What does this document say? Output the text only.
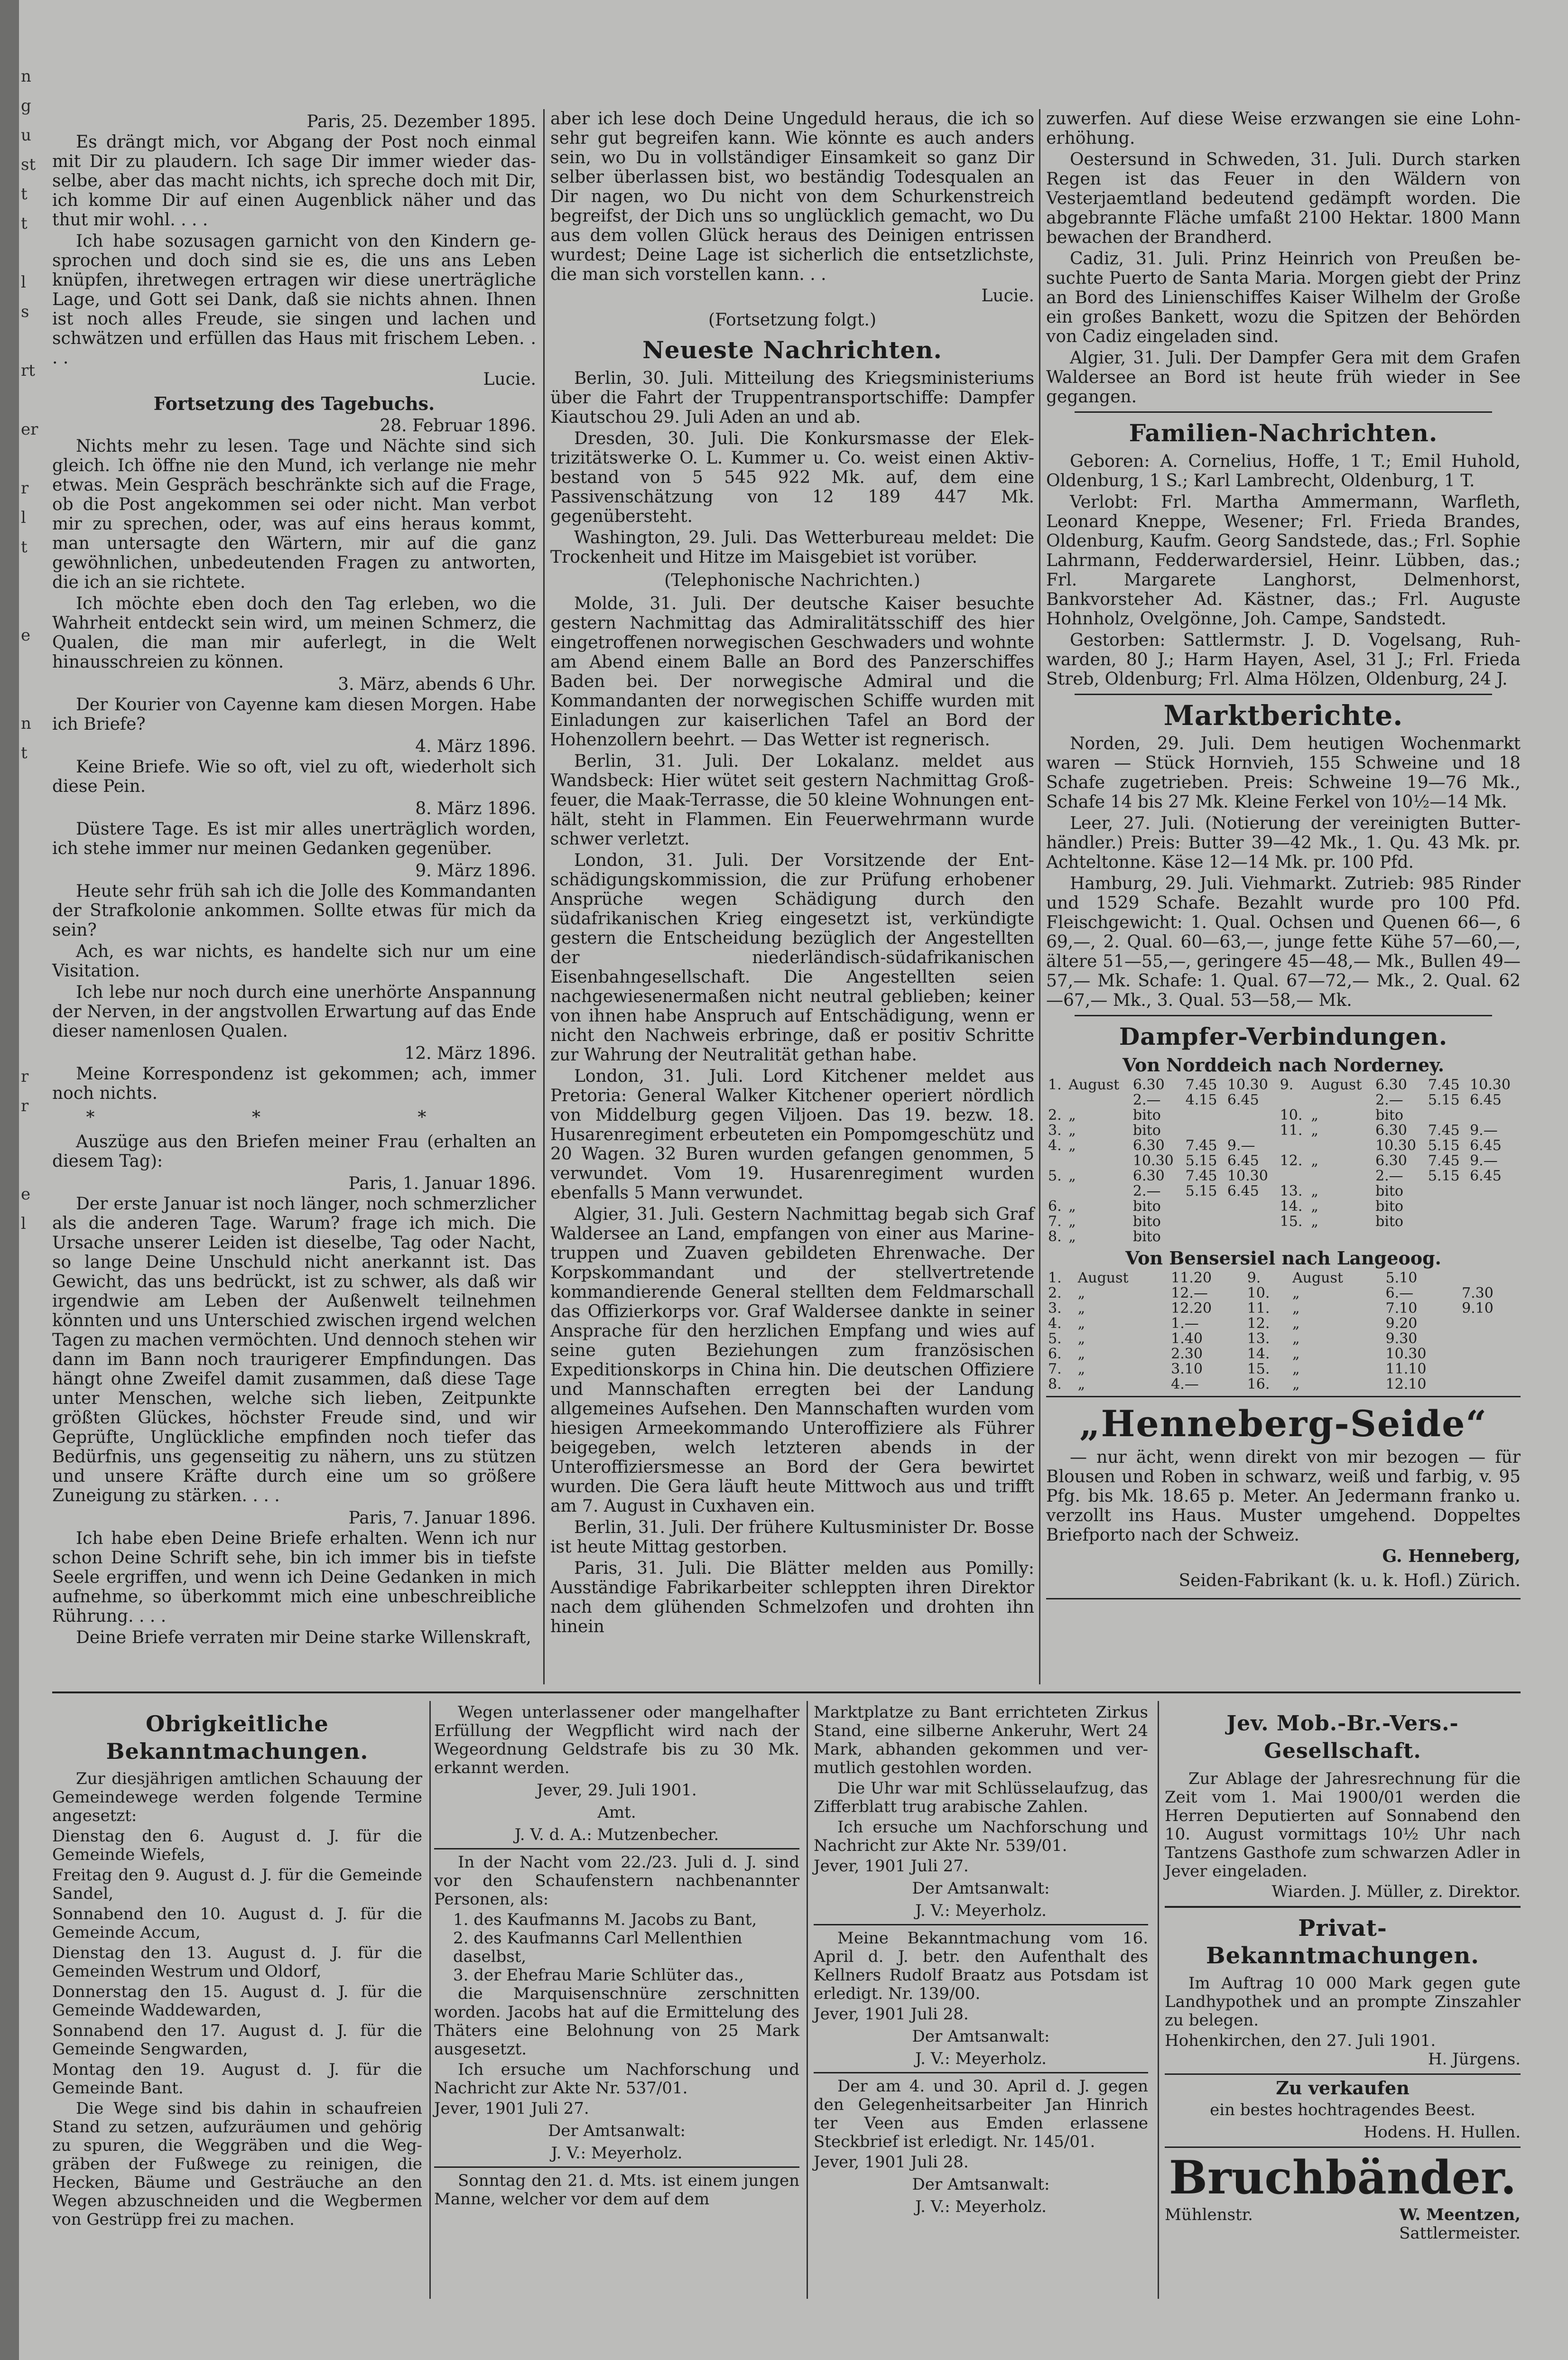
n
g
u
st
t
t

l
s

rt

er

r
l
t

e

n
t

r
r

e
l
Paris, 25. Dezember 1895.

Es drängt mich, vor Abgang der Post noch einmal mit Dir zu plaudern. Ich sage Dir immer wieder dasselbe, aber das macht nichts, ich spreche doch mit Dir, ich komme Dir auf einen Augenblick näher und das thut mir wohl. . . .

Ich habe sozusagen garnicht von den Kindern gesprochen und doch sind sie es, die uns ans Leben knüpfen, ihretwegen ertragen wir diese unerträgliche Lage, und Gott sei Dank, daß sie nichts ahnen. Ihnen ist noch alles Freude, sie singen und lachen und schwätzen und erfüllen das Haus mit frischem Leben. . . .

Lucie.
Fortsetzung des Tagebuchs.
28. Februar 1896.

Nichts mehr zu lesen. Tage und Nächte sind sich gleich. Ich öffne nie den Mund, ich verlange nie mehr etwas. Mein Gespräch beschränkte sich auf die Frage, ob die Post angekommen sei oder nicht. Man verbot mir zu sprechen, oder, was auf eins heraus kommt, man untersagte den Wärtern, mir auf die ganz gewöhnlichen, unbedeutenden Fragen zu antworten, die ich an sie richtete.

Ich möchte eben doch den Tag erleben, wo die Wahrheit entdeckt sein wird, um meinen Schmerz, die Qualen, die man mir auferlegt, in die Welt hinausschreien zu können.

3. März, abends 6 Uhr.

Der Kourier von Cayenne kam diesen Morgen. Habe ich Briefe?

4. März 1896.

Keine Briefe. Wie so oft, viel zu oft, wiederholt sich diese Pein.

8. März 1896.

Düstere Tage. Es ist mir alles unerträglich worden, ich stehe immer nur meinen Gedanken gegenüber.

9. März 1896.

Heute sehr früh sah ich die Jolle des Kommandanten der Strafkolonie ankommen. Sollte etwas für mich da sein?

Ach, es war nichts, es handelte sich nur um eine Visitation.

Ich lebe nur noch durch eine unerhörte Anspannung der Nerven, in der angstvollen Erwartung auf das Ende dieser namenlosen Qualen.

12. März 1896.

Meine Korrespondenz ist gekommen; ach, immer noch nichts.

* * *

Auszüge aus den Briefen meiner Frau (erhalten an diesem Tag):

Paris, 1. Januar 1896.

Der erste Januar ist noch länger, noch schmerzlicher als die anderen Tage. Warum? frage ich mich. Die Ursache unserer Leiden ist dieselbe, Tag oder Nacht, so lange Deine Unschuld nicht anerkannt ist. Das Gewicht, das uns bedrückt, ist zu schwer, als daß wir irgendwie am Leben der Außenwelt teilnehmen könnten und uns Unterschied zwischen irgend welchen Tagen zu machen vermöchten. Und dennoch stehen wir dann im Bann noch traurigerer Empfindungen. Das hängt ohne Zweifel damit zusammen, daß diese Tage unter Menschen, welche sich lieben, Zeitpunkte größten Glückes, höchster Freude sind, und wir Geprüfte, Unglückliche empfinden noch tiefer das Bedürfnis, uns gegenseitig zu nähern, uns zu stützen und unsere Kräfte durch eine um so größere Zuneigung zu stärken. . . .

Paris, 7. Januar 1896.

Ich habe eben Deine Briefe erhalten. Wenn ich nur schon Deine Schrift sehe, bin ich immer bis in tiefste Seele ergriffen, und wenn ich Deine Gedanken in mich aufnehme, so überkommt mich eine unbeschreibliche Rührung. . . .

Deine Briefe verraten mir Deine starke Willenskraft,

aber ich lese doch Deine Ungeduld heraus, die ich so sehr gut begreifen kann. Wie könnte es auch anders sein, wo Du in vollständiger Einsamkeit so ganz Dir selber überlassen bist, wo beständig Todesqualen an Dir nagen, wo Du nicht von dem Schurkenstreich begreifst, der Dich uns so unglücklich gemacht, wo Du aus dem vollen Glück heraus des Deinigen entrissen wurdest; Deine Lage ist sicherlich die entsetzlichste, die man sich vorstellen kann. . .

Lucie.
(Fortsetzung folgt.)
Neueste Nachrichten.

Berlin, 30. Juli. Mitteilung des Kriegsministeriums über die Fahrt der Truppentransportschiffe: Dampfer Kiautschou 29. Juli Aden an und ab.

Dresden, 30. Juli. Die Konkursmasse der Elektrizitätswerke O. L. Kummer u. Co. weist einen Aktivbestand von 5 545 922 Mk. auf, dem eine Passivenschätzung von 12 189 447 Mk. gegenübersteht.

Washington, 29. Juli. Das Wetterbureau meldet: Die Trockenheit und Hitze im Maisgebiet ist vorüber.

(Telephonische Nachrichten.)

Molde, 31. Juli. Der deutsche Kaiser besuchte gestern Nachmittag das Admiralitätsschiff des hier eingetroffenen norwegischen Geschwaders und wohnte am Abend einem Balle an Bord des Panzerschiffes Baden bei. Der norwegische Admiral und die Kommandanten der norwegischen Schiffe wurden mit Einladungen zur kaiserlichen Tafel an Bord der Hohenzollern beehrt. — Das Wetter ist regnerisch.

Berlin, 31. Juli. Der Lokalanz. meldet aus Wandsbeck: Hier wütet seit gestern Nachmittag Großfeuer, die Maak-Terrasse, die 50 kleine Wohnungen enthält, steht in Flammen. Ein Feuerwehrmann wurde schwer verletzt.

London, 31. Juli. Der Vorsitzende der Entschädigungskommission, die zur Prüfung erhobener Ansprüche wegen Schädigung durch den südafrikanischen Krieg eingesetzt ist, verkündigte gestern die Entscheidung bezüglich der Angestellten der niederländisch-südafrikanischen Eisenbahngesellschaft. Die Angestellten seien nachgewiesenermaßen nicht neutral geblieben; keiner von ihnen habe Anspruch auf Entschädigung, wenn er nicht den Nachweis erbringe, daß er positiv Schritte zur Wahrung der Neutralität gethan habe.

London, 31. Juli. Lord Kitchener meldet aus Pretoria: General Walker Kitchener operiert nördlich von Middelburg gegen Viljoen. Das 19. bezw. 18. Husarenregiment erbeuteten ein Pompomgeschütz und 20 Wagen. 32 Buren wurden gefangen genommen, 5 verwundet. Vom 19. Husarenregiment wurden ebenfalls 5 Mann verwundet.

Algier, 31. Juli. Gestern Nachmittag begab sich Graf Waldersee an Land, empfangen von einer aus Marinetruppen und Zuaven gebildeten Ehrenwache. Der Korpskommandant und der stellvertretende kommandierende General stellten dem Feldmarschall das Offizierkorps vor. Graf Waldersee dankte in seiner Ansprache für den herzlichen Empfang und wies auf seine guten Beziehungen zum französischen Expeditionskorps in China hin. Die deutschen Offiziere und Mannschaften erregten bei der Landung allgemeines Aufsehen. Den Mannschaften wurden vom hiesigen Armeekommando Unteroffiziere als Führer beigegeben, welch letzteren abends in der Unteroffiziersmesse an Bord der Gera bewirtet wurden. Die Gera läuft heute Mittwoch aus und trifft am 7. August in Cuxhaven ein.

Berlin, 31. Juli. Der frühere Kultusminister Dr. Bosse ist heute Mittag gestorben.

Paris, 31. Juli. Die Blätter melden aus Pomilly: Ausständige Fabrikarbeiter schleppten ihren Direktor nach dem glühenden Schmelzofen und drohten ihn hinein

zuwerfen. Auf diese Weise erzwangen sie eine Lohnerhöhung.

Oestersund in Schweden, 31. Juli. Durch starken Regen ist das Feuer in den Wäldern von Vesterjaemtland bedeutend gedämpft worden. Die abgebrannte Fläche umfaßt 2100 Hektar. 1800 Mann bewachen der Brandherd.

Cadiz, 31. Juli. Prinz Heinrich von Preußen besuchte Puerto de Santa Maria. Morgen giebt der Prinz an Bord des Linienschiffes Kaiser Wilhelm der Große ein großes Bankett, wozu die Spitzen der Behörden von Cadiz eingeladen sind.

Algier, 31. Juli. Der Dampfer Gera mit dem Grafen Waldersee an Bord ist heute früh wieder in See gegangen.

Familien-Nachrichten.

Geboren: A. Cornelius, Hoffe, 1 T.; Emil Huhold, Oldenburg, 1 S.; Karl Lambrecht, Oldenburg, 1 T.

Verlobt: Frl. Martha Ammermann, Warfleth, Leonard Kneppe, Wesener; Frl. Frieda Brandes, Oldenburg, Kaufm. Georg Sandstede, das.; Frl. Sophie Lahrmann, Fedderwardersiel, Heinr. Lübben, das.; Frl. Margarete Langhorst, Delmenhorst, Bankvorsteher Ad. Kästner, das.; Frl. Auguste Hohnholz, Ovelgönne, Joh. Campe, Sandstedt.

Gestorben: Sattlermstr. J. D. Vogelsang, Ruhwarden, 80 J.; Harm Hayen, Asel, 31 J.; Frl. Frieda Streb, Oldenburg; Frl. Alma Hölzen, Oldenburg, 24 J.

Marktberichte.

Norden, 29. Juli. Dem heutigen Wochenmarkt waren — Stück Hornvieh, 155 Schweine und 18 Schafe zugetrieben. Preis: Schweine 19—76 Mk., Schafe 14 bis 27 Mk. Kleine Ferkel von 10½—14 Mk.

Leer, 27. Juli. (Notierung der vereinigten Butterhändler.) Preis: Butter 39—42 Mk., 1. Qu. 43 Mk. pr. Achteltonne. Käse 12—14 Mk. pr. 100 Pfd.

Hamburg, 29. Juli. Viehmarkt. Zutrieb: 985 Rinder und 1529 Schafe. Bezahlt wurde pro 100 Pfd. Fleischgewicht: 1. Qual. Ochsen und Quenen 66—, 6 69,—, 2. Qual. 60—63,—, junge fette Kühe 57—60,—, ältere 51—55,—, geringere 45—48,— Mk., Bullen 49—57,— Mk. Schafe: 1. Qual. 67—72,— Mk., 2. Qual. 62—67,— Mk., 3. Qual. 53—58,— Mk.

Dampfer-Verbindungen.
Von Norddeich nach Norderney.
1.	August	6.30	7.45	10.30	9.	August	6.30	7.45	10.30
		2.—	4.15	6.45			2.—	5.15	6.45
2.	„	bito			10.	„	bito		
3.	„	bito			11.	„	6.30	7.45	9.—
4.	„	6.30	7.45	9.—			10.30	5.15	6.45
		10.30	5.15	6.45	12.	„	6.30	7.45	9.—
5.	„	6.30	7.45	10.30			2.—	5.15	6.45
		2.—	5.15	6.45	13.	„	bito		
6.	„	bito			14.	„	bito		
7.	„	bito			15.	„	bito		
8.	„	bito							
Von Bensersiel nach Langeoog.
1.	August	11.20	9.	August	5.10	
2.	„	12.—	10.	„	6.—	7.30
3.	„	12.20	11.	„	7.10	9.10
4.	„	1.—	12.	„	9.20	
5.	„	1.40	13.	„	9.30	
6.	„	2.30	14.	„	10.30	
7.	„	3.10	15.	„	11.10	
8.	„	4.—	16.	„	12.10	
„Henneberg-Seide“

— nur ächt, wenn direkt von mir bezogen — für Blousen und Roben in schwarz, weiß und farbig, v. 95 Pfg. bis Mk. 18.65 p. Meter. An Jedermann franko u. verzollt ins Haus. Muster umgehend. Doppeltes Briefporto nach der Schweiz.

G. Henneberg,
Seiden-Fabrikant (k. u. k. Hofl.) Zürich.
Obrigkeitliche Bekanntmachungen.

Zur diesjährigen amtlichen Schauung der Gemeindewege werden folgende Termine angesetzt:

Dienstag den 6. August d. J. für die Gemeinde Wiefels,

Freitag den 9. August d. J. für die Gemeinde Sandel,

Sonnabend den 10. August d. J. für die Gemeinde Accum,

Dienstag den 13. August d. J. für die Gemeinden Westrum und Oldorf,

Donnerstag den 15. August d. J. für die Gemeinde Waddewarden,

Sonnabend den 17. August d. J. für die Gemeinde Sengwarden,

Montag den 19. August d. J. für die Gemeinde Bant.

Die Wege sind bis dahin in schaufreien Stand zu setzen, aufzuräumen und gehörig zu spuren, die Weggräben und die Weggräben der Fußwege zu reinigen, die Hecken, Bäume und Gesträuche an den Wegen abzuschneiden und die Wegbermen von Gestrüpp frei zu machen.

Wegen unterlassener oder mangelhafter Erfüllung der Wegpflicht wird nach der Wegeordnung Geldstrafe bis zu 30 Mk. erkannt werden.

Jever, 29. Juli 1901.
Amt.
J. V. d. A.: Mutzenbecher.

In der Nacht vom 22./23. Juli d. J. sind vor den Schaufenstern nachbenannter Personen, als:

1. des Kaufmanns M. Jacobs zu Bant,
2. des Kaufmanns Carl Mellenthien daselbst,
3. der Ehefrau Marie Schlüter das.,

die Marquisenschnüre zerschnitten worden. Jacobs hat auf die Ermittelung des Thäters eine Belohnung von 25 Mark ausgesetzt.

Ich ersuche um Nachforschung und Nachricht zur Akte Nr. 537/01.

Jever, 1901 Juli 27.
Der Amtsanwalt:
J. V.: Meyerholz.

Sonntag den 21. d. Mts. ist einem jungen Manne, welcher vor dem auf dem

Marktplatze zu Bant errichteten Zirkus Stand, eine silberne Ankeruhr, Wert 24 Mark, abhanden gekommen und vermutlich gestohlen worden.

Die Uhr war mit Schlüsselaufzug, das Zifferblatt trug arabische Zahlen.

Ich ersuche um Nachforschung und Nachricht zur Akte Nr. 539/01.

Jever, 1901 Juli 27.
Der Amtsanwalt:
J. V.: Meyerholz.

Meine Bekanntmachung vom 16. April d. J. betr. den Aufenthalt des Kellners Rudolf Braatz aus Potsdam ist erledigt. Nr. 139/00.

Jever, 1901 Juli 28.
Der Amtsanwalt:
J. V.: Meyerholz.

Der am 4. und 30. April d. J. gegen den Gelegenheitsarbeiter Jan Hinrich ter Veen aus Emden erlassene Steckbrief ist erledigt. Nr. 145/01.

Jever, 1901 Juli 28.
Der Amtsanwalt:
J. V.: Meyerholz.
Jev. Mob.-Br.-Vers.-Gesellschaft.

Zur Ablage der Jahresrechnung für die Zeit vom 1. Mai 1900/01 werden die Herren Deputierten auf Sonnabend den 10. August vormittags 10½ Uhr nach Tantzens Gasthofe zum schwarzen Adler in Jever eingeladen.

Wiarden. J. Müller, z. Direktor.
Privat-Bekanntmachungen.

Im Auftrag 10 000 Mark gegen gute Landhypothek und an prompte Zinszahler zu belegen.

Hohenkirchen, den 27. Juli 1901.
H. Jürgens.
Zu verkaufen
ein bestes hochtragendes Beest.
Hodens. H. Hullen.
Bruchbänder.
Mühlenstr.	W. Meentzen,
Sattlermeister.
